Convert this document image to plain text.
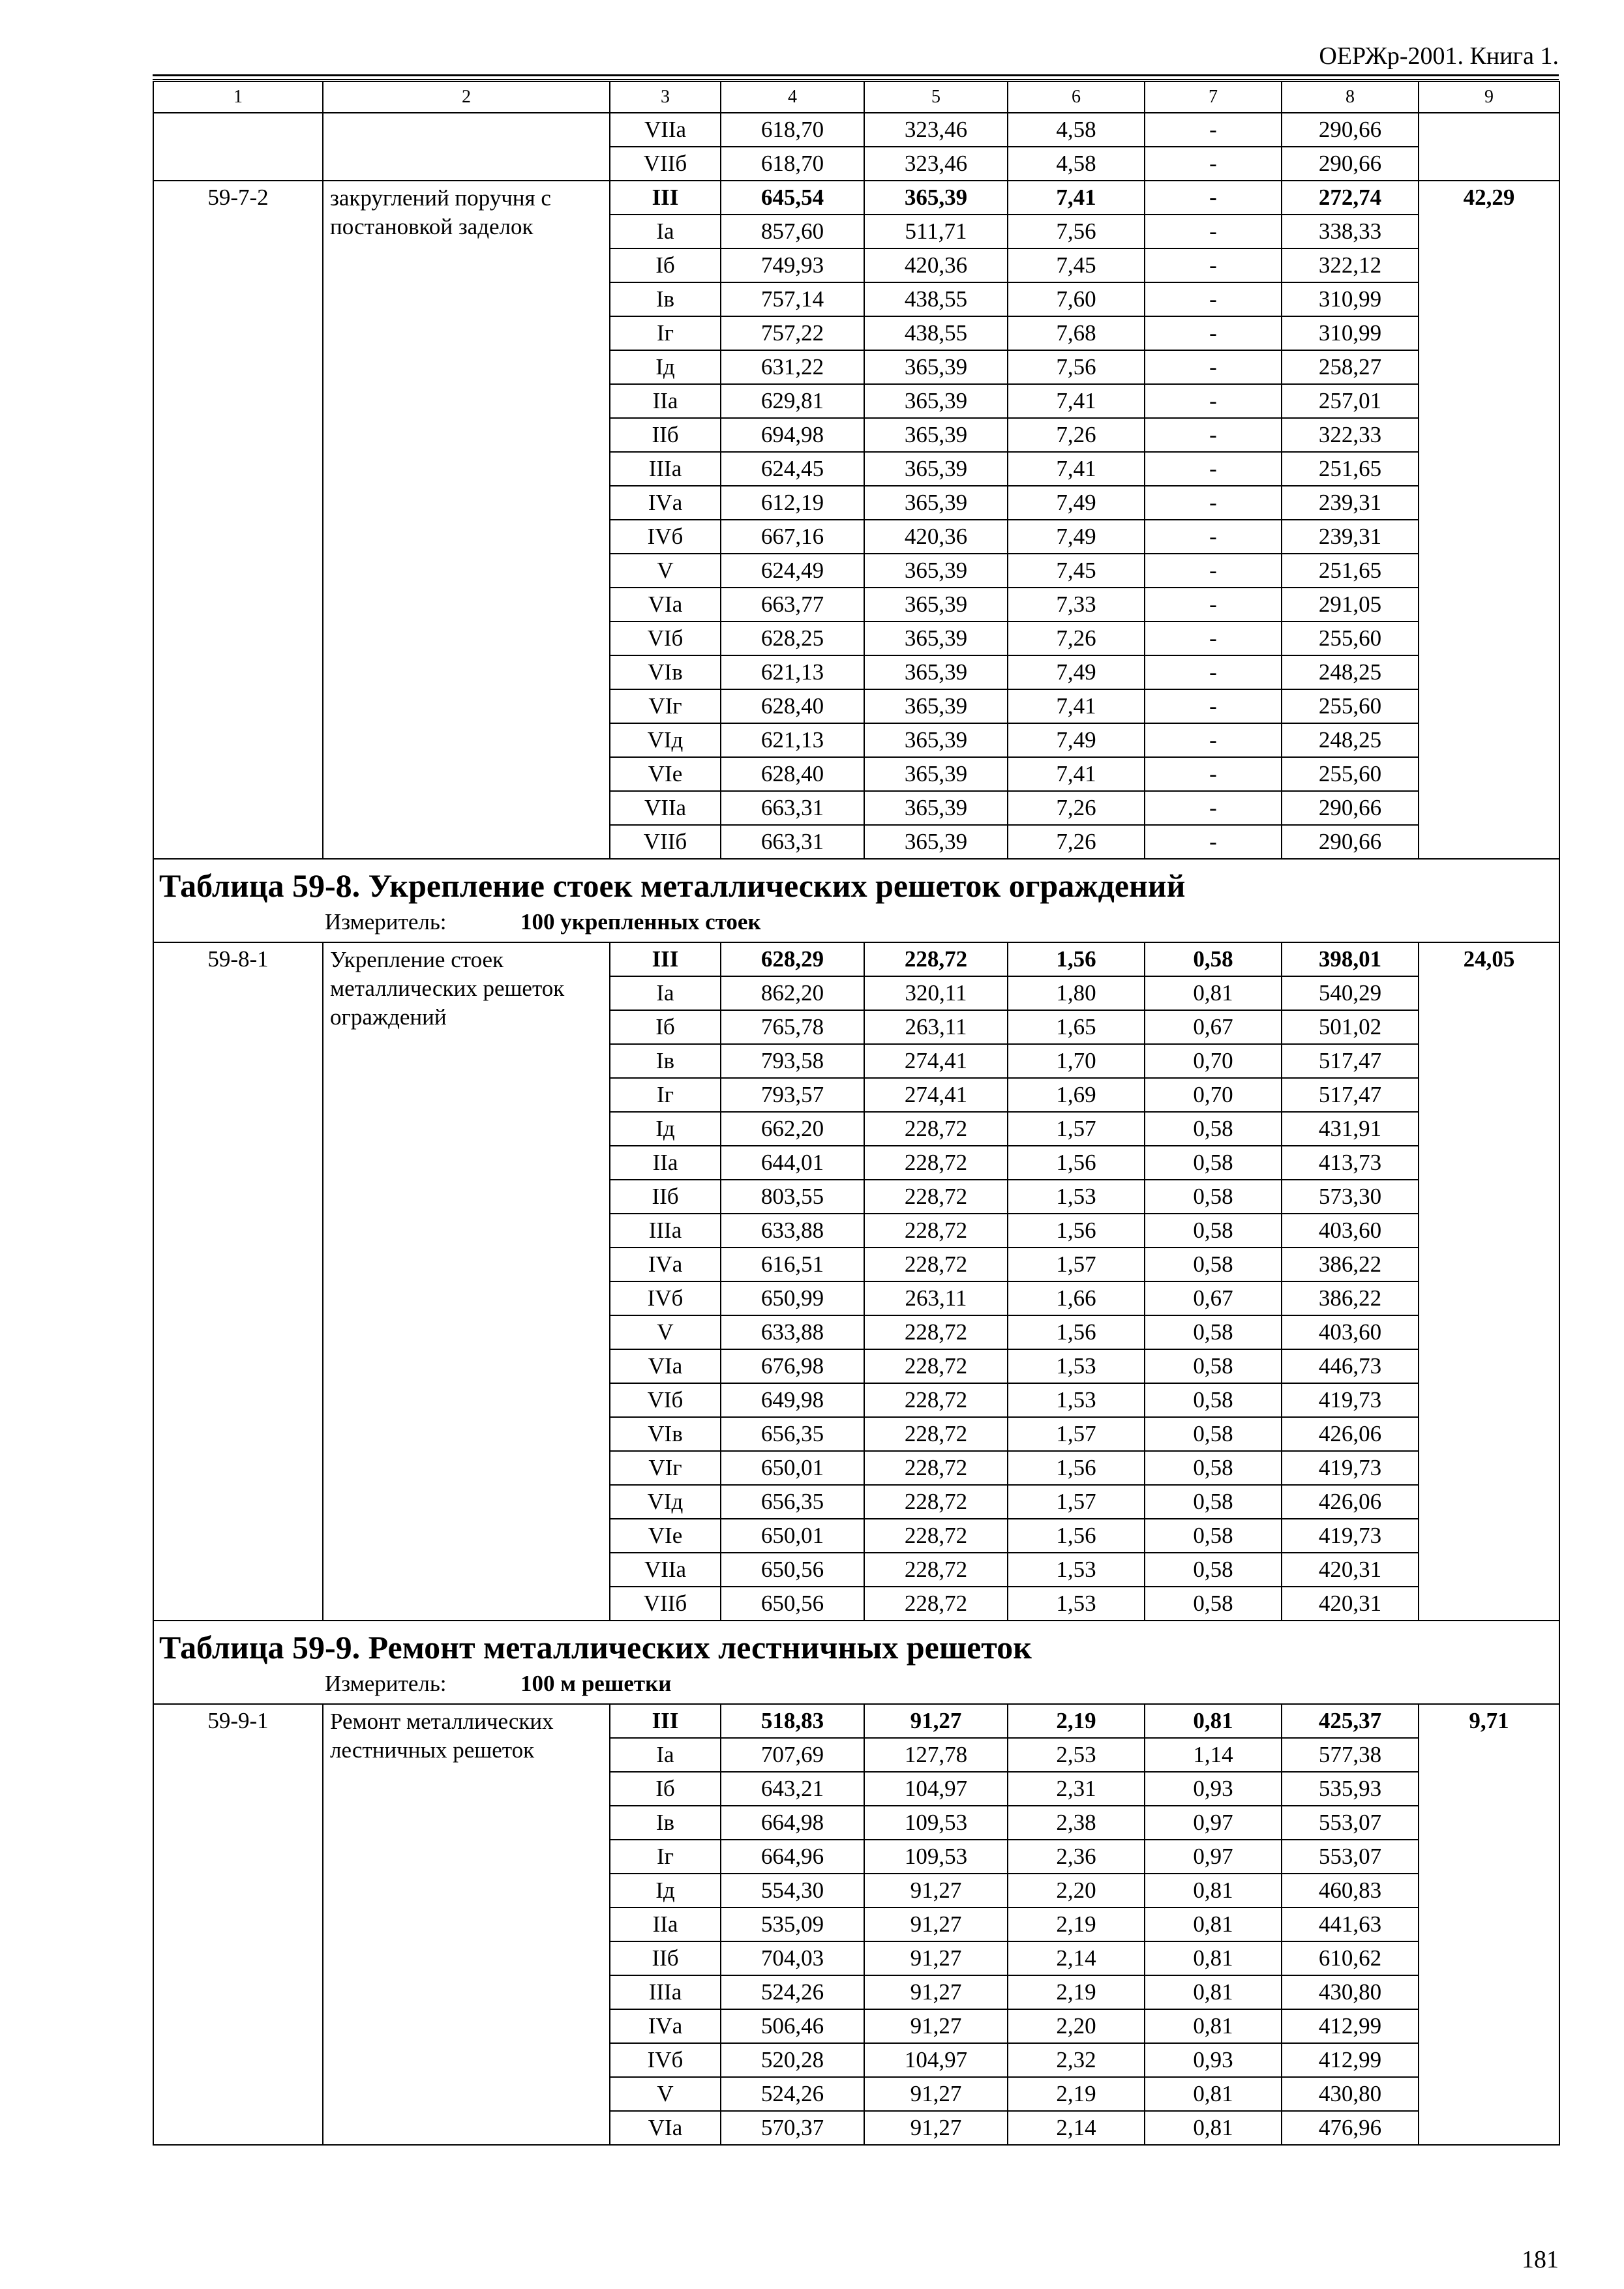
ОЕРЖр-2001. Книга 1.
1	2	3	4	5	6	7	8	9
		VIIа	618,70	323,46	4,58	-	290,66	
		VIIб	618,70	323,46	4,58	-	290,66	
59-7-2	закруглений поручня с постановкой заделок	III	645,54	365,39	7,41	-	272,74	42,29
		Iа	857,60	511,71	7,56	-	338,33	
		Iб	749,93	420,36	7,45	-	322,12	
		Iв	757,14	438,55	7,60	-	310,99	
		Iг	757,22	438,55	7,68	-	310,99	
		Iд	631,22	365,39	7,56	-	258,27	
		IIа	629,81	365,39	7,41	-	257,01	
		IIб	694,98	365,39	7,26	-	322,33	
		IIIа	624,45	365,39	7,41	-	251,65	
		IVа	612,19	365,39	7,49	-	239,31	
		IVб	667,16	420,36	7,49	-	239,31	
		V	624,49	365,39	7,45	-	251,65	
		VIа	663,77	365,39	7,33	-	291,05	
		VIб	628,25	365,39	7,26	-	255,60	
		VIв	621,13	365,39	7,49	-	248,25	
		VIг	628,40	365,39	7,41	-	255,60	
		VIд	621,13	365,39	7,49	-	248,25	
		VIе	628,40	365,39	7,41	-	255,60	
		VIIа	663,31	365,39	7,26	-	290,66	
		VIIб	663,31	365,39	7,26	-	290,66	

Таблица 59-8. Укрепление стоек металлических решеток ограждений
Измеритель: 100 укрепленных стоек								

59-8-1	Укрепление стоек металлических решеток ограждений	III	628,29	228,72	1,56	0,58	398,01	24,05
		Iа	862,20	320,11	1,80	0,81	540,29	
		Iб	765,78	263,11	1,65	0,67	501,02	
		Iв	793,58	274,41	1,70	0,70	517,47	
		Iг	793,57	274,41	1,69	0,70	517,47	
		Iд	662,20	228,72	1,57	0,58	431,91	
		IIа	644,01	228,72	1,56	0,58	413,73	
		IIб	803,55	228,72	1,53	0,58	573,30	
		IIIа	633,88	228,72	1,56	0,58	403,60	
		IVа	616,51	228,72	1,57	0,58	386,22	
		IVб	650,99	263,11	1,66	0,67	386,22	
		V	633,88	228,72	1,56	0,58	403,60	
		VIа	676,98	228,72	1,53	0,58	446,73	
		VIб	649,98	228,72	1,53	0,58	419,73	
		VIв	656,35	228,72	1,57	0,58	426,06	
		VIг	650,01	228,72	1,56	0,58	419,73	
		VIд	656,35	228,72	1,57	0,58	426,06	
		VIе	650,01	228,72	1,56	0,58	419,73	
		VIIа	650,56	228,72	1,53	0,58	420,31	
		VIIб	650,56	228,72	1,53	0,58	420,31	

Таблица 59-9. Ремонт металлических лестничных решеток
Измеритель: 100 м решетки								

59-9-1	Ремонт металлических лестничных решеток	III	518,83	91,27	2,19	0,81	425,37	9,71
		Iа	707,69	127,78	2,53	1,14	577,38	
		Iб	643,21	104,97	2,31	0,93	535,93	
		Iв	664,98	109,53	2,38	0,97	553,07	
		Iг	664,96	109,53	2,36	0,97	553,07	
		Iд	554,30	91,27	2,20	0,81	460,83	
		IIа	535,09	91,27	2,19	0,81	441,63	
		IIб	704,03	91,27	2,14	0,81	610,62	
		IIIа	524,26	91,27	2,19	0,81	430,80	
		IVа	506,46	91,27	2,20	0,81	412,99	
		IVб	520,28	104,97	2,32	0,93	412,99	
		V	524,26	91,27	2,19	0,81	430,80	
		VIа	570,37	91,27	2,14	0,81	476,96	
181
